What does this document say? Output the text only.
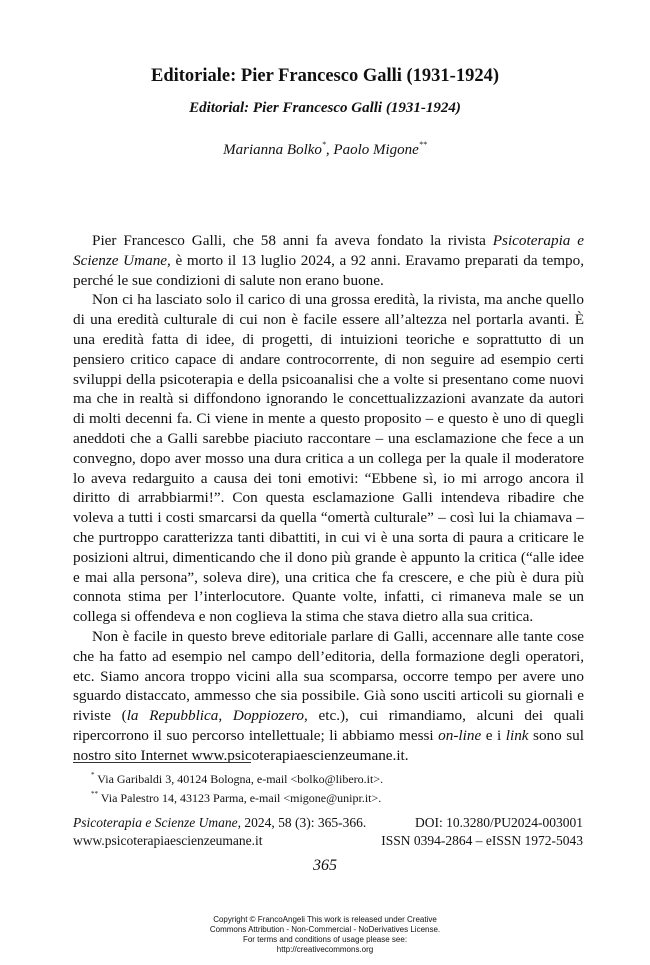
Editoriale: Pier Francesco Galli (1931-1924)
Editorial: Pier Francesco Galli (1931-1924)
Marianna Bolko*, Paolo Migone**

Pier Francesco Galli, che 58 anni fa aveva fondato la rivista Psicoterapia e Scienze Umane, è morto il 13 luglio 2024, a 92 anni. Eravamo preparati da tempo, perché le sue condizioni di salute non erano buone.

Non ci ha lasciato solo il carico di una grossa eredità, la rivista, ma anche quello di una eredità culturale di cui non è facile essere all’altezza nel portarla avanti. È una eredità fatta di idee, di progetti, di intuizioni teoriche e soprattutto di un pensiero critico capace di andare controcorrente, di non seguire ad esempio certi sviluppi della psicoterapia e della psicoanalisi che a volte si presentano come nuovi ma che in realtà si diffondono ignorando le concettualizzazioni avanzate da autori di molti decenni fa. Ci viene in mente a questo proposito – e questo è uno di quegli aneddoti che a Galli sarebbe piaciuto raccontare – una esclamazione che fece a un convegno, dopo aver mosso una dura critica a un collega per la quale il moderatore lo aveva redarguito a causa dei toni emotivi: “Ebbene sì, io mi arrogo ancora il diritto di arrabbiarmi!”. Con questa esclamazione Galli intendeva ribadire che voleva a tutti i costi smarcarsi da quella “omertà culturale” – così lui la chiamava – che purtroppo caratterizza tanti dibattiti, in cui vi è una sorta di paura a criticare le posizioni altrui, dimenticando che il dono più grande è appunto la critica (“alle idee e mai alla persona”, soleva dire), una critica che fa crescere, e che più è dura più connota stima per l’interlocutore. Quante volte, infatti, ci rimaneva male se un collega si offendeva e non coglieva la stima che stava dietro alla sua critica.

Non è facile in questo breve editoriale parlare di Galli, accennare alle tante cose che ha fatto ad esempio nel campo dell’editoria, della formazione degli operatori, etc. Siamo ancora troppo vicini alla sua scomparsa, occorre tempo per avere uno sguardo distaccato, ammesso che sia possibile. Già sono usciti articoli su giornali e riviste (la Repubblica, Doppiozero, etc.), cui rimandiamo, alcuni dei quali ripercorrono il suo percorso intellettuale; li abbiamo messi on-line e i link sono sul nostro sito Internet www.psicoterapiaescienzeumane.it.

* Via Garibaldi 3, 40124 Bologna, e-mail <bolko@libero.it>.
** Via Palestro 14, 43123 Parma, e-mail <migone@unipr.it>.
Psicoterapia e Scienze Umane, 2024, 58 (3): 365-366.	DOI: 10.3280/PU2024-003001
www.psicoterapiaescienzeumane.it	ISSN 0394-2864 – eISSN 1972-5043
365
Copyright © FrancoAngeli This work is released under Creative
Commons Attribution - Non-Commercial - NoDerivatives License.
For terms and conditions of usage please see:
http://creativecommons.org
